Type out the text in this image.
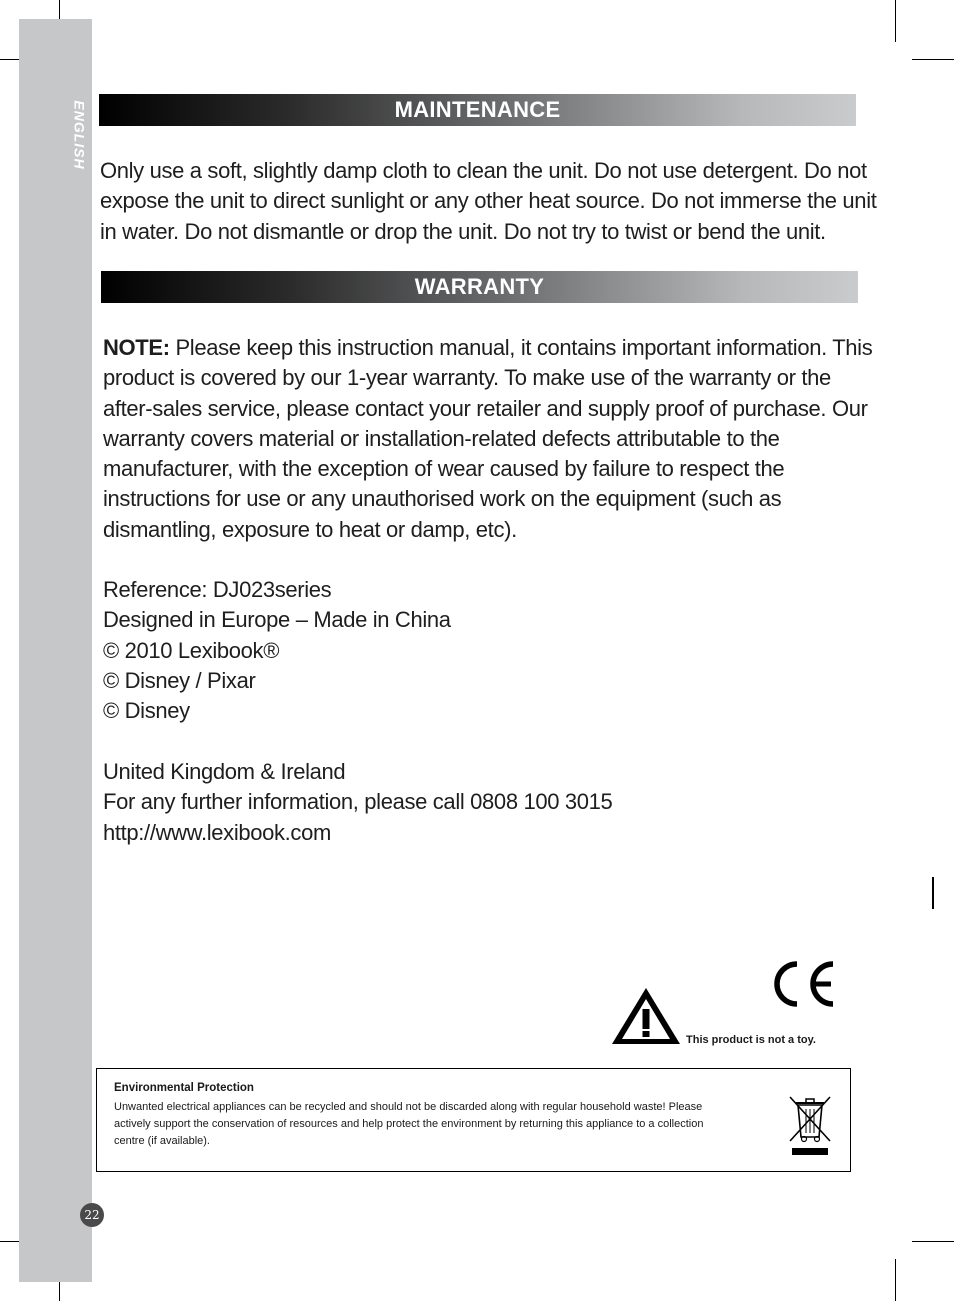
ENGLISH	MAINTENANCE

Only use a soft, slightly damp cloth to clean the unit. Do not use detergent. Do not
expose the unit to direct sunlight or any other heat source. Do not immerse the unit
in water. Do not dismantle or drop the unit. Do not try to twist or bend the unit.

WARRANTY

NOTE: Please keep this instruction manual, it contains important information. This
product is covered by our 1-year warranty. To make use of the warranty or the
after-sales service, please contact your retailer and supply proof of purchase. Our
warranty covers material or installation-related defects attributable to the
manufacturer, with the exception of wear caused by failure to respect the
instructions for use or any unauthorised work on the equipment (such as
dismantling, exposure to heat or damp, etc).

Reference: DJ023series
Designed in Europe – Made in China
© 2010 Lexibook®
© Disney / Pixar
© Disney

United Kingdom & Ireland
For any further information, please call 0808 100 3015
http://www.lexibook.com

This product is not a toy.
Environmental Protection
Unwanted electrical appliances can be recycled and should not be discarded along with regular household waste! Please
actively support the conservation of resources and help protect the environment by returning this appliance to a collection
centre (if available).
22
